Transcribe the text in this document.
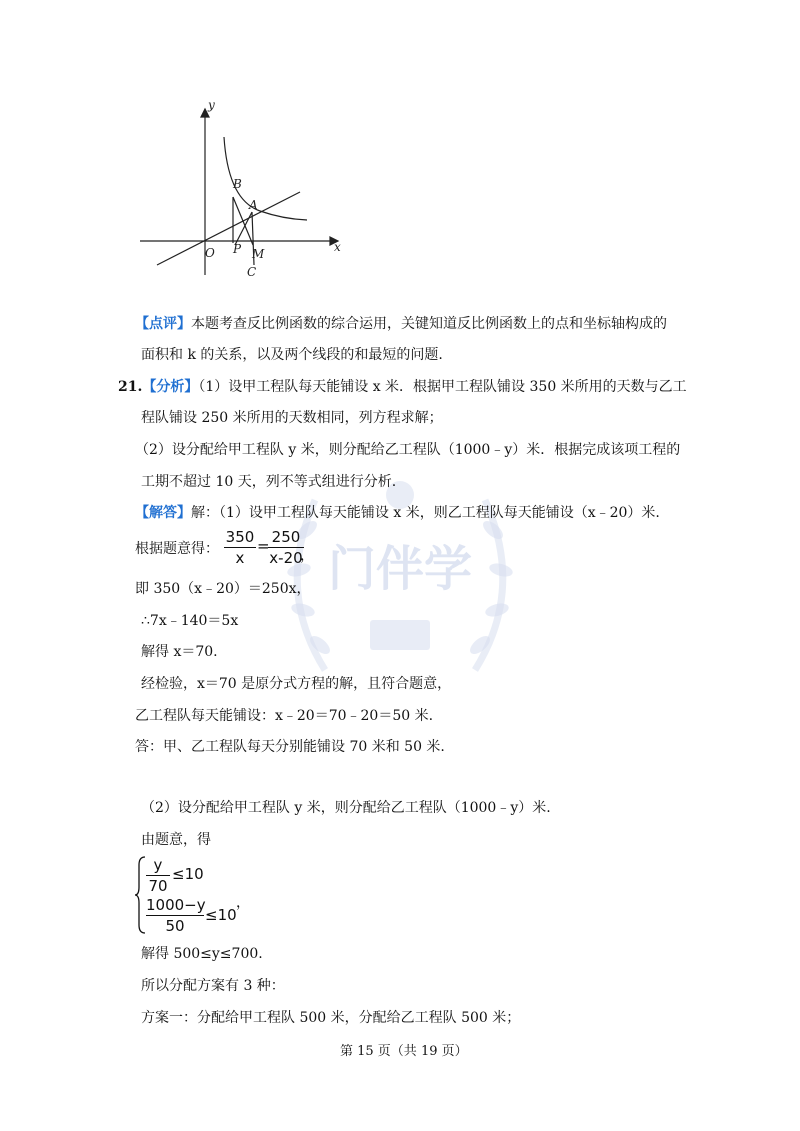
门伴学
y
x
O
B
A
P M
C
【点评】本题考查反比例函数的综合运用，关键知道反比例函数上的点和坐标轴构成的
面积和 k 的关系，以及两个线段的和最短的问题.
21.【分析】（1）设甲工程队每天能铺设 x 米．根据甲工程队铺设 350 米所用的天数与乙工
程队铺设 250 米所用的天数相同，列方程求解；
（2）设分配给甲工程队 y 米，则分配给乙工程队（1000﹣y）米．根据完成该项工程的
工期不超过 10 天，列不等式组进行分析.
【解答】解：（1）设甲工程队每天能铺设 x 米，则乙工程队每天能铺设（x﹣20）米.
根据题意得：
350
x
= 250
x-20
，
即 350（x﹣20）＝250x，
∴7x﹣140＝5x
解得 x＝70.
经检验，x＝70 是原分式方程的解，且符合题意，
乙工程队每天能铺设：x﹣20＝70﹣20＝50 米.
答：甲、乙工程队每天分别能铺设 70 米和 50 米.
（2）设分配给甲工程队 y 米，则分配给乙工程队（1000﹣y）米.
由题意，得
y
70
≤10
1000−y
50
≤10
，
解得 500≤y≤700.
所以分配方案有 3 种：
方案一：分配给甲工程队 500 米，分配给乙工程队 500 米；
第 15 页（共 19 页）
